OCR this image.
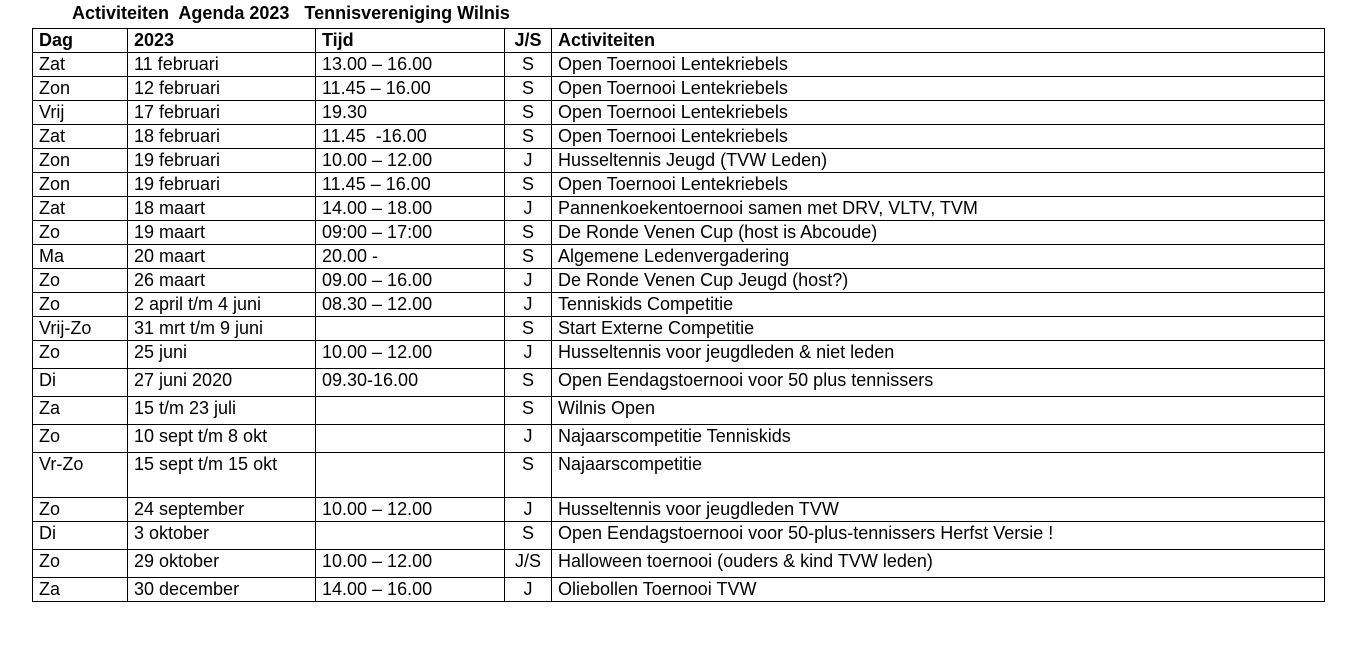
Activiteiten  Agenda 2023   Tennisvereniging Wilnis
Dag	2023	Tijd	J/S	Activiteiten
Zat	11 februari	13.00 – 16.00	S	Open Toernooi Lentekriebels
Zon	12 februari	11.45 – 16.00	S	Open Toernooi Lentekriebels
Vrij	17 februari	19.30	S	Open Toernooi Lentekriebels
Zat	18 februari	11.45  -16.00	S	Open Toernooi Lentekriebels
Zon	19 februari	10.00 – 12.00	J	Husseltennis Jeugd (TVW Leden)
Zon	19 februari	11.45 – 16.00	S	Open Toernooi Lentekriebels
Zat	18 maart	14.00 – 18.00	J	Pannenkoekentoernooi samen met DRV, VLTV, TVM
Zo	19 maart	09:00 – 17:00	S	De Ronde Venen Cup (host is Abcoude)
Ma	20 maart	20.00 -	S	Algemene Ledenvergadering
Zo	26 maart	09.00 – 16.00	J	De Ronde Venen Cup Jeugd (host?)
Zo	2 april t/m 4 juni	08.30 – 12.00	J	Tenniskids Competitie
Vrij-Zo	31 mrt t/m 9 juni		S	Start Externe Competitie
Zo	25 juni	10.00 – 12.00	J	Husseltennis voor jeugdleden & niet leden
Di	27 juni 2020	09.30-16.00	S	Open Eendagstoernooi voor 50 plus tennissers
Za	15 t/m 23 juli		S	Wilnis Open
Zo	10 sept t/m 8 okt		J	Najaarscompetitie Tenniskids
Vr-Zo	15 sept t/m 15 okt		S	Najaarscompetitie
Zo	24 september	10.00 – 12.00	J	Husseltennis voor jeugdleden TVW
Di	3 oktober		S	Open Eendagstoernooi voor 50-plus-tennissers Herfst Versie !
Zo	29 oktober	10.00 – 12.00	J/S	Halloween toernooi (ouders & kind TVW leden)
Za	30 december	14.00 – 16.00	J	Oliebollen Toernooi TVW
